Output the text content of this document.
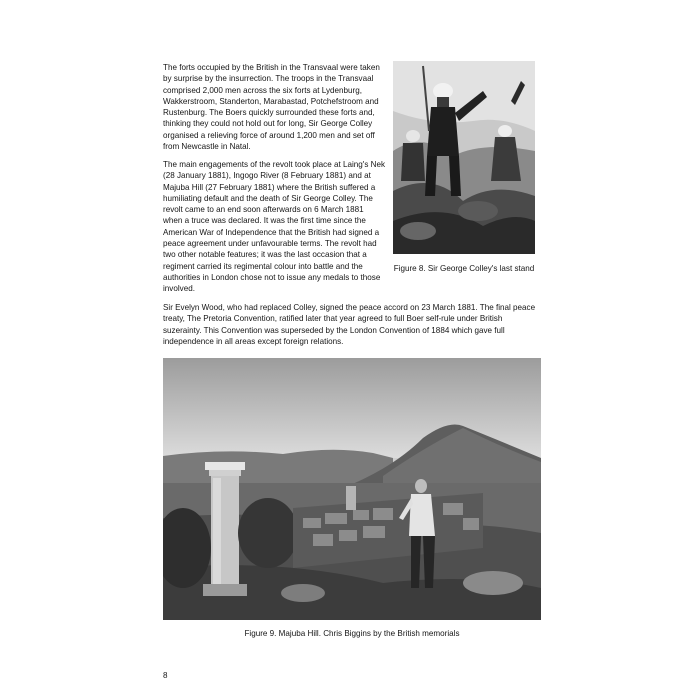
The forts occupied by the British in the Transvaal were taken by surprise by the insurrection. The troops in the Transvaal comprised 2,000 men across the six forts at Lydenburg, Wakkerstroom, Standerton, Marabastad, Potchefstroom and Rustenburg. The Boers quickly surrounded these forts and, thinking they could not hold out for long, Sir George Colley organised a relieving force of around 1,200 men and set off from Newcastle in Natal.

The main engagements of the revolt took place at Laing's Nek (28 January 1881), Ingogo River (8 February 1881) and at Majuba Hill (27 February 1881) where the British suffered a humiliating default and the death of Sir George Colley. The revolt came to an end soon afterwards on 6 March 1881 when a truce was declared. It was the first time since the American War of Independence that the British had signed a peace agreement under unfavourable terms. The revolt had two other notable features; it was the last occasion that a regiment carried its regimental colour into battle and the authorities in London chose not to issue any medals to those involved.

Figure 8. Sir George Colley's last stand

Sir Evelyn Wood, who had replaced Colley, signed the peace accord on 23 March 1881. The final peace treaty, The Pretoria Convention, ratified later that year agreed to full Boer self-rule under British suzerainty. This Convention was superseded by the London Convention of 1884 which gave full independence in all areas except foreign relations.

Figure 9. Majuba Hill. Chris Biggins by the British memorials
8
